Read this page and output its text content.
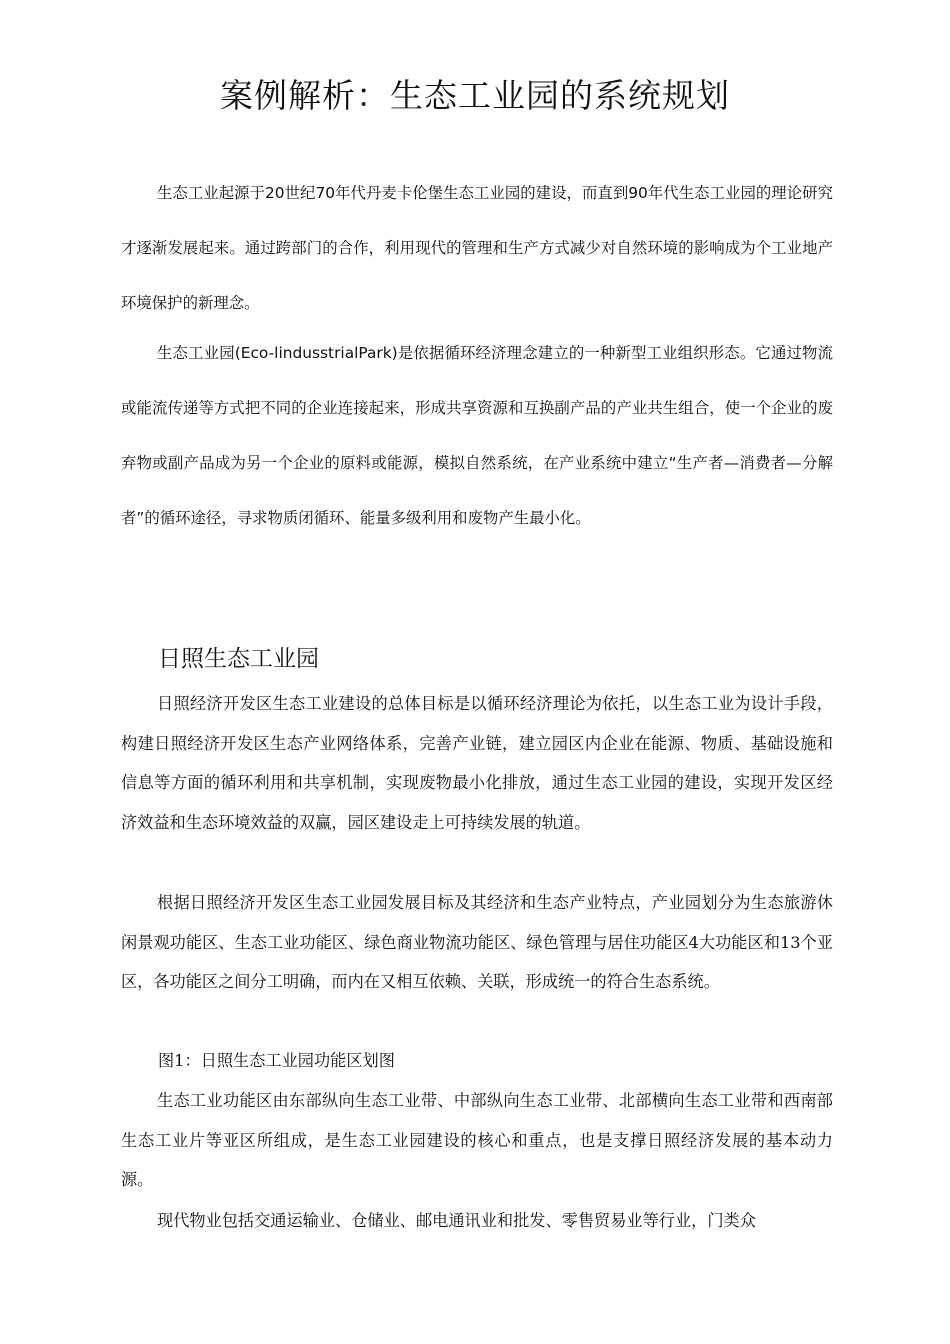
案例解析：生态工业园的系统规划

生态工业起源于20世纪70年代丹麦卡伦堡生态工业园的建设，而直到90年代生态工业园的理论研究才逐渐发展起来。通过跨部门的合作，利用现代的管理和生产方式减少对自然环境的影响成为个工业地产环境保护的新理念。

生态工业园(Eco-lindusstrialPark)是依据循环经济理念建立的一种新型工业组织形态。它通过物流或能流传递等方式把不同的企业连接起来，形成共享资源和互换副产品的产业共生组合，使一个企业的废弃物或副产品成为另一个企业的原料或能源，模拟自然系统，在产业系统中建立“生产者—消费者—分解者”的循环途径，寻求物质闭循环、能量多级利用和废物产生最小化。

日照生态工业园

日照经济开发区生态工业建设的总体目标是以循环经济理论为依托，以生态工业为设计手段，构建日照经济开发区生态产业网络体系，完善产业链，建立园区内企业在能源、物质、基础设施和信息等方面的循环利用和共享机制，实现废物最小化排放，通过生态工业园的建设，实现开发区经济效益和生态环境效益的双赢，园区建设走上可持续发展的轨道。

根据日照经济开发区生态工业园发展目标及其经济和生态产业特点，产业园划分为生态旅游休闲景观功能区、生态工业功能区、绿色商业物流功能区、绿色管理与居住功能区4大功能区和13个亚区，各功能区之间分工明确，而内在又相互依赖、关联，形成统一的符合生态系统。

图1：日照生态工业园功能区划图

生态工业功能区由东部纵向生态工业带、中部纵向生态工业带、北部横向生态工业带和西南部生态工业片等亚区所组成，是生态工业园建设的核心和重点，也是支撑日照经济发展的基本动力源。

现代物业包括交通运输业、仓储业、邮电通讯业和批发、零售贸易业等行业，门类众
